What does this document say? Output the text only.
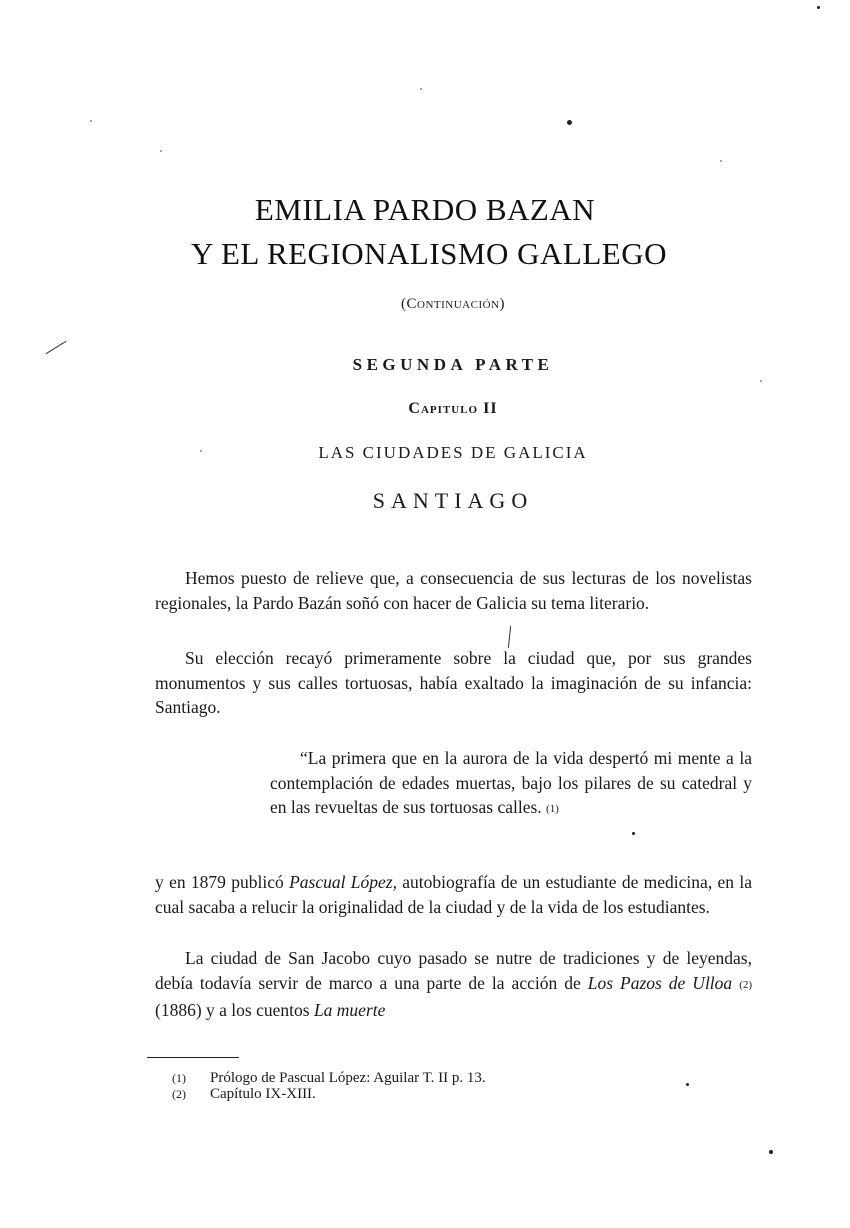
EMILIA PARDO BAZAN
Y EL REGIONALISMO GALLEGO
(Continuación)
SEGUNDA PARTE
Capitulo II
LAS CIUDADES DE GALICIA
SANTIAGO

Hemos puesto de relieve que, a consecuencia de sus lecturas de los novelistas regionales, la Pardo Bazán soñó con hacer de Galicia su tema literario.

Su elección recayó primeramente sobre la ciudad que, por sus grandes monumentos y sus calles tortuosas, había exaltado la imaginación de su infancia: Santiago.

“La primera que en la aurora de la vida despertó mi mente a la contemplación de edades muertas, bajo los pilares de su catedral y en las revueltas de sus tortuosas calles. $^{(1)}$

y en 1879 publicó Pascual López, autobiografía de un estudiante de medicina, en la cual sacaba a relucir la originalidad de la ciudad y de la vida de los estudiantes.

La ciudad de San Jacobo cuyo pasado se nutre de tradiciones y de leyendas, debía todavía servir de marco a una parte de la acción de Los Pazos de Ulloa $^{(2)}$ (1886) y a los cuentos La muerte

(1) Prólogo de Pascual López: Aguilar T. II p. 13.
(2) Capítulo IX-XIII.
